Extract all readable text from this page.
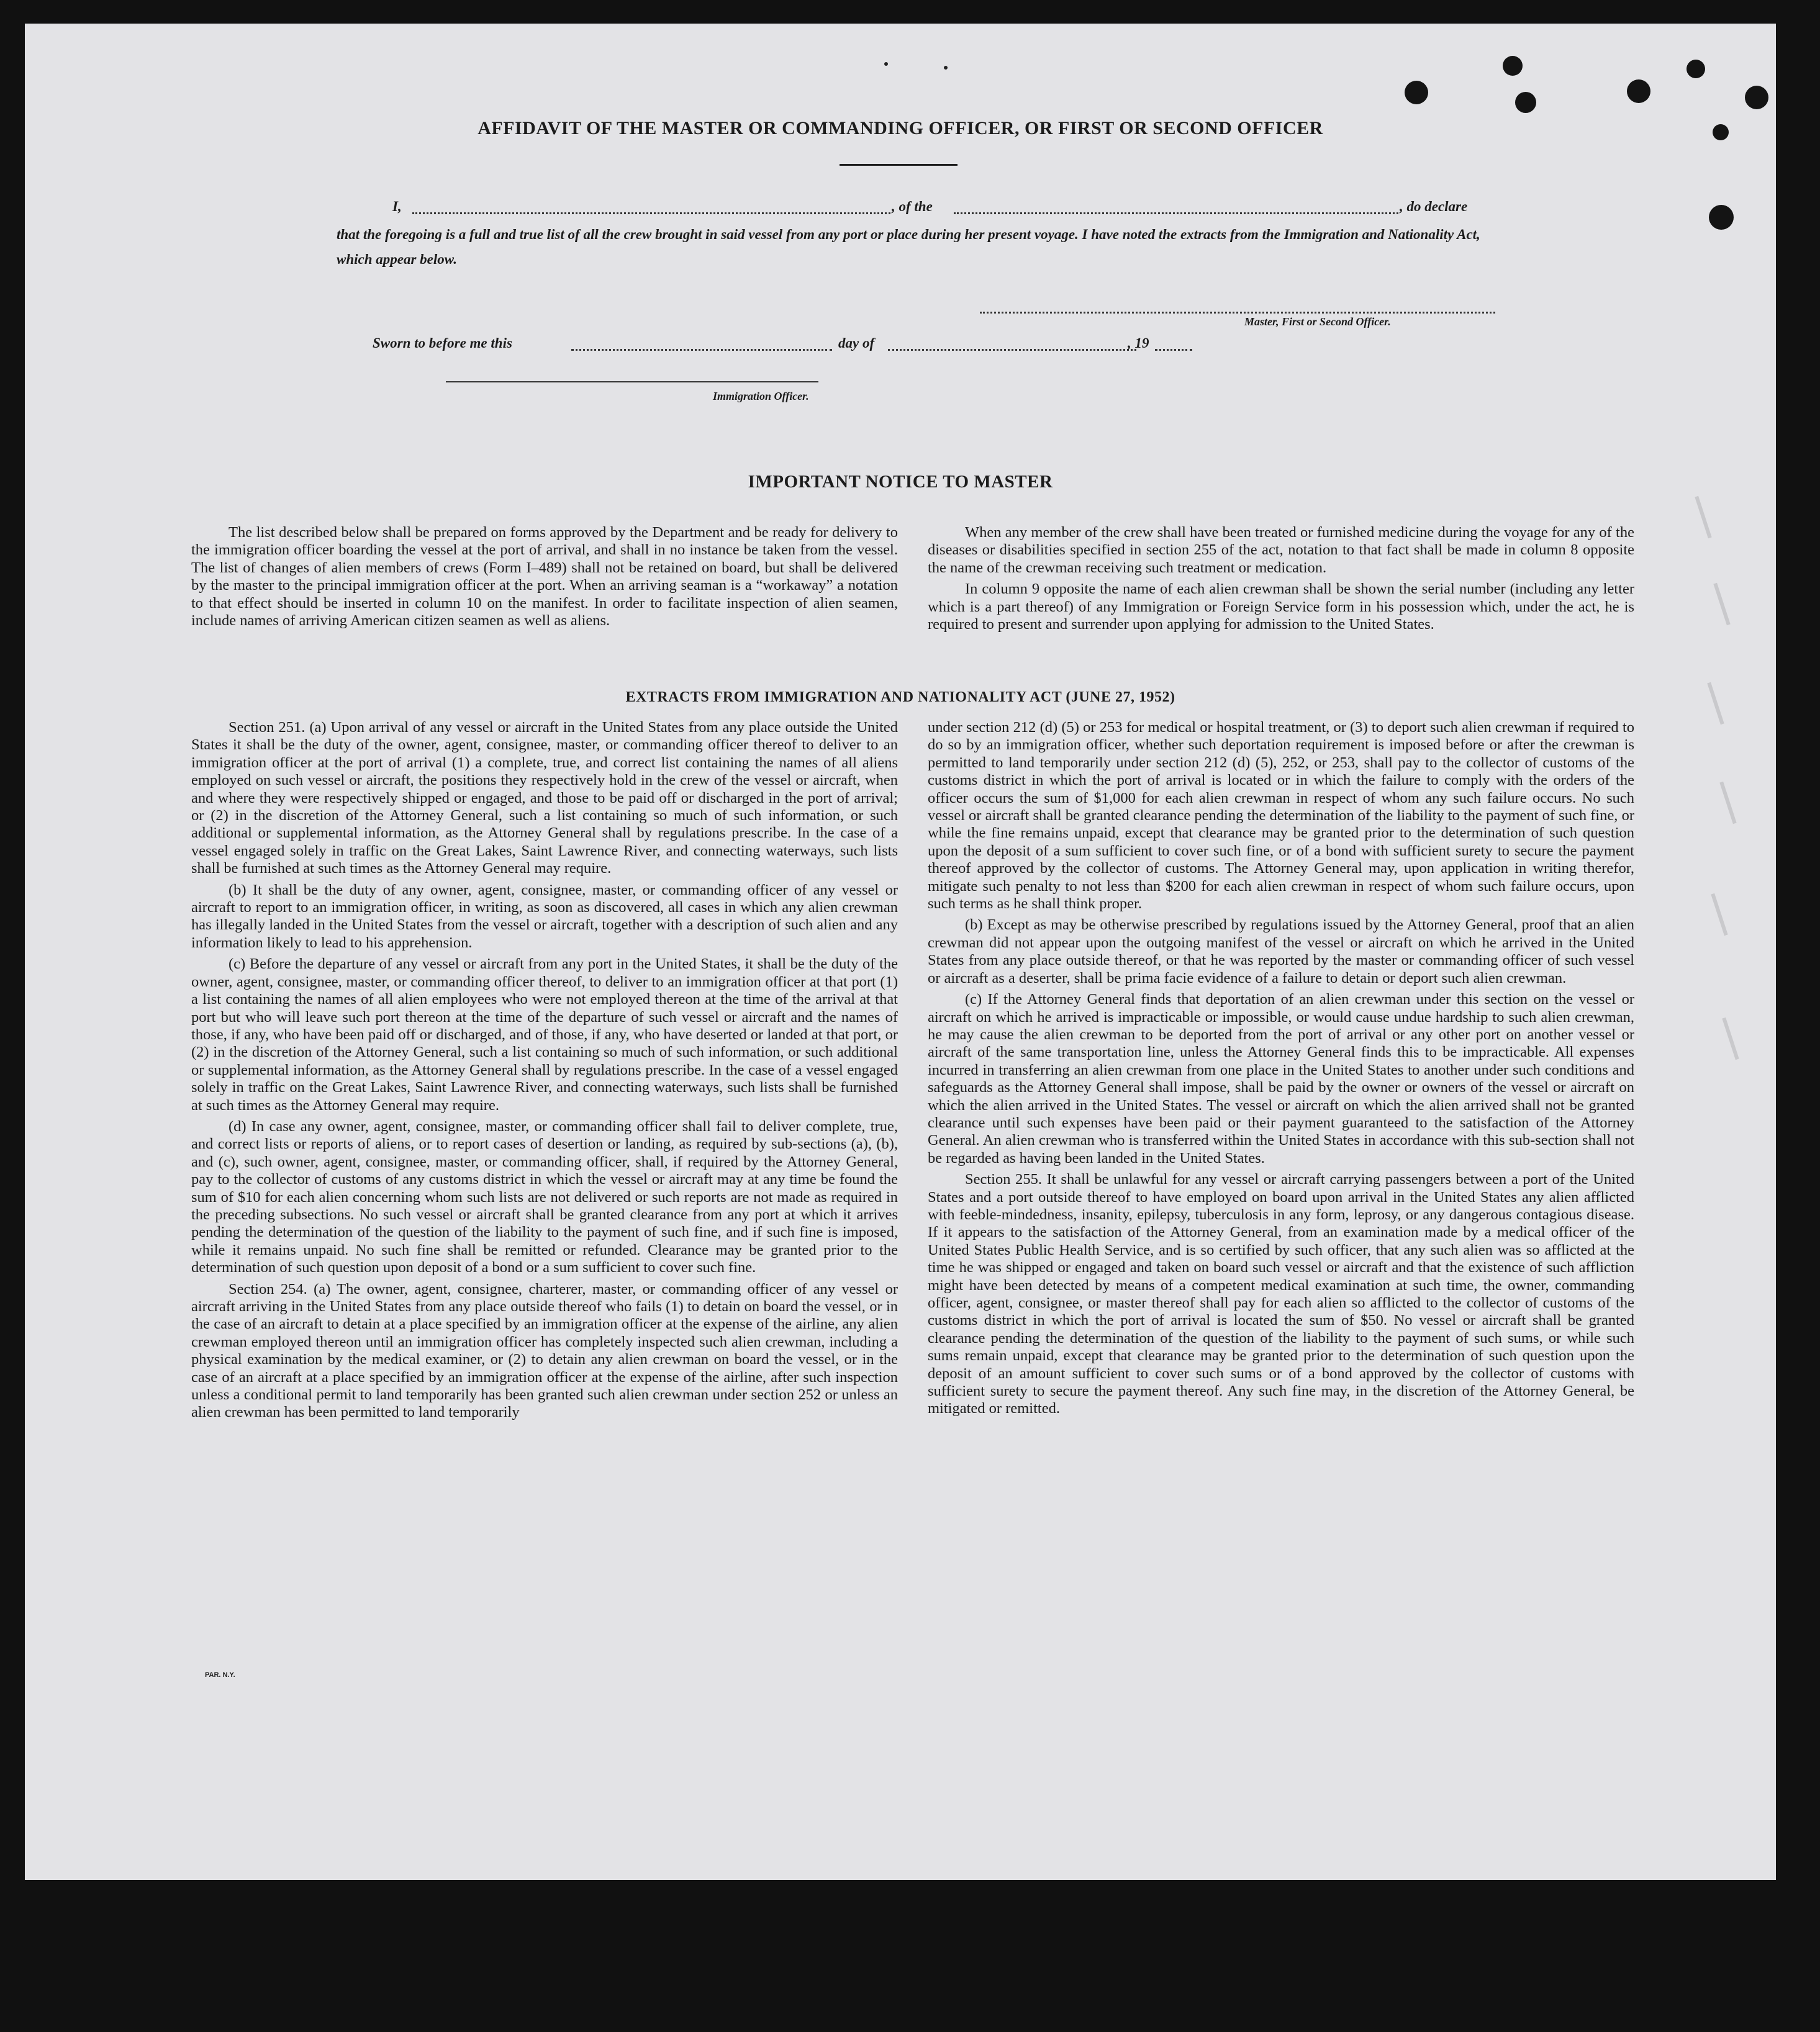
AFFIDAVIT OF THE MASTER OR COMMANDING OFFICER, OR FIRST OR SECOND OFFICER
I,	, of the	, do declare
that the foregoing is a full and true list of all the crew brought in said vessel from any port or place during her present voyage. I have noted the extracts from the Immigration and Nationality Act, which appear below.
Master, First or Second Officer.
Sworn to before me this	day of	, 19
Immigration Officer.
IMPORTANT NOTICE TO MASTER

The list described below shall be prepared on forms approved by the Department and be ready for delivery to the immigration officer boarding the vessel at the port of arrival, and shall in no instance be taken from the vessel. The list of changes of alien members of crews (Form I–489) shall not be retained on board, but shall be delivered by the master to the principal immigration officer at the port. When an arriving seaman is a “workaway” a notation to that effect should be inserted in column 10 on the manifest. In order to facilitate inspection of alien seamen, include names of arriving American citizen seamen as well as aliens.

When any member of the crew shall have been treated or furnished medicine during the voyage for any of the diseases or disabilities specified in section 255 of the act, notation to that fact shall be made in column 8 opposite the name of the crewman receiving such treatment or medication.

In column 9 opposite the name of each alien crewman shall be shown the serial number (including any letter which is a part thereof) of any Immigration or Foreign Service form in his possession which, under the act, he is required to present and surrender upon applying for admission to the United States.

EXTRACTS FROM IMMIGRATION AND NATIONALITY ACT (JUNE 27, 1952)

Section 251. (a) Upon arrival of any vessel or aircraft in the United States from any place outside the United States it shall be the duty of the owner, agent, consignee, master, or commanding officer thereof to deliver to an immigration officer at the port of arrival (1) a complete, true, and correct list containing the names of all aliens employed on such vessel or aircraft, the positions they respectively hold in the crew of the vessel or aircraft, when and where they were respectively shipped or engaged, and those to be paid off or discharged in the port of arrival; or (2) in the discretion of the Attorney General, such a list containing so much of such information, or such additional or supplemental information, as the Attorney General shall by regulations prescribe. In the case of a vessel engaged solely in traffic on the Great Lakes, Saint Lawrence River, and connecting waterways, such lists shall be furnished at such times as the Attorney General may require.

(b) It shall be the duty of any owner, agent, consignee, master, or commanding officer of any vessel or aircraft to report to an immigration officer, in writing, as soon as discovered, all cases in which any alien crewman has illegally landed in the United States from the vessel or aircraft, together with a description of such alien and any information likely to lead to his apprehension.

(c) Before the departure of any vessel or aircraft from any port in the United States, it shall be the duty of the owner, agent, consignee, master, or commanding officer thereof, to deliver to an immigration officer at that port (1) a list containing the names of all alien employees who were not employed thereon at the time of the arrival at that port but who will leave such port thereon at the time of the departure of such vessel or aircraft and the names of those, if any, who have been paid off or discharged, and of those, if any, who have deserted or landed at that port, or (2) in the discretion of the Attorney General, such a list containing so much of such information, or such additional or supplemental information, as the Attorney General shall by regulations prescribe. In the case of a vessel engaged solely in traffic on the Great Lakes, Saint Lawrence River, and connecting waterways, such lists shall be furnished at such times as the Attorney General may require.

(d) In case any owner, agent, consignee, master, or commanding officer shall fail to deliver complete, true, and correct lists or reports of aliens, or to report cases of desertion or landing, as required by sub-sections (a), (b), and (c), such owner, agent, consignee, master, or commanding officer, shall, if required by the Attorney General, pay to the collector of customs of any customs district in which the vessel or aircraft may at any time be found the sum of $10 for each alien concerning whom such lists are not delivered or such reports are not made as required in the preceding subsections. No such vessel or aircraft shall be granted clearance from any port at which it arrives pending the determination of the question of the liability to the payment of such fine, and if such fine is imposed, while it remains unpaid. No such fine shall be remitted or refunded. Clearance may be granted prior to the determination of such question upon deposit of a bond or a sum sufficient to cover such fine.

Section 254. (a) The owner, agent, consignee, charterer, master, or commanding officer of any vessel or aircraft arriving in the United States from any place outside thereof who fails (1) to detain on board the vessel, or in the case of an aircraft to detain at a place specified by an immigration officer at the expense of the airline, any alien crewman employed thereon until an immigration officer has completely inspected such alien crewman, including a physical examination by the medical examiner, or (2) to detain any alien crewman on board the vessel, or in the case of an aircraft at a place specified by an immigration officer at the expense of the airline, after such inspection unless a conditional permit to land temporarily has been granted such alien crewman under section 252 or unless an alien crewman has been permitted to land temporarily

under section 212 (d) (5) or 253 for medical or hospital treatment, or (3) to deport such alien crewman if required to do so by an immigration officer, whether such deportation requirement is imposed before or after the crewman is permitted to land temporarily under section 212 (d) (5), 252, or 253, shall pay to the collector of customs of the customs district in which the port of arrival is located or in which the failure to comply with the orders of the officer occurs the sum of $1,000 for each alien crewman in respect of whom any such failure occurs. No such vessel or aircraft shall be granted clearance pending the determination of the liability to the payment of such fine, or while the fine remains unpaid, except that clearance may be granted prior to the determination of such question upon the deposit of a sum sufficient to cover such fine, or of a bond with sufficient surety to secure the payment thereof approved by the collector of customs. The Attorney General may, upon application in writing therefor, mitigate such penalty to not less than $200 for each alien crewman in respect of whom such failure occurs, upon such terms as he shall think proper.

(b) Except as may be otherwise prescribed by regulations issued by the Attorney General, proof that an alien crewman did not appear upon the outgoing manifest of the vessel or aircraft on which he arrived in the United States from any place outside thereof, or that he was reported by the master or commanding officer of such vessel or aircraft as a deserter, shall be prima facie evidence of a failure to detain or deport such alien crewman.

(c) If the Attorney General finds that deportation of an alien crewman under this section on the vessel or aircraft on which he arrived is impracticable or impossible, or would cause undue hardship to such alien crewman, he may cause the alien crewman to be deported from the port of arrival or any other port on another vessel or aircraft of the same transportation line, unless the Attorney General finds this to be impracticable. All expenses incurred in transferring an alien crewman from one place in the United States to another under such conditions and safeguards as the Attorney General shall impose, shall be paid by the owner or owners of the vessel or aircraft on which the alien arrived in the United States. The vessel or aircraft on which the alien arrived shall not be granted clearance until such expenses have been paid or their payment guaranteed to the satisfaction of the Attorney General. An alien crewman who is transferred within the United States in accordance with this sub-section shall not be regarded as having been landed in the United States.

Section 255. It shall be unlawful for any vessel or aircraft carrying passengers between a port of the United States and a port outside thereof to have employed on board upon arrival in the United States any alien afflicted with feeble-mindedness, insanity, epilepsy, tuberculosis in any form, leprosy, or any dangerous contagious disease. If it appears to the satisfaction of the Attorney General, from an examination made by a medical officer of the United States Public Health Service, and is so certified by such officer, that any such alien was so afflicted at the time he was shipped or engaged and taken on board such vessel or aircraft and that the existence of such affliction might have been detected by means of a competent medical examination at such time, the owner, commanding officer, agent, consignee, or master thereof shall pay for each alien so afflicted to the collector of customs of the customs district in which the port of arrival is located the sum of $50. No vessel or aircraft shall be granted clearance pending the determination of the question of the liability to the payment of such sums, or while such sums remain unpaid, except that clearance may be granted prior to the determination of such question upon the deposit of an amount sufficient to cover such sums or of a bond approved by the collector of customs with sufficient surety to secure the payment thereof. Any such fine may, in the discretion of the Attorney General, be mitigated or remitted.

PAR. N.Y.
